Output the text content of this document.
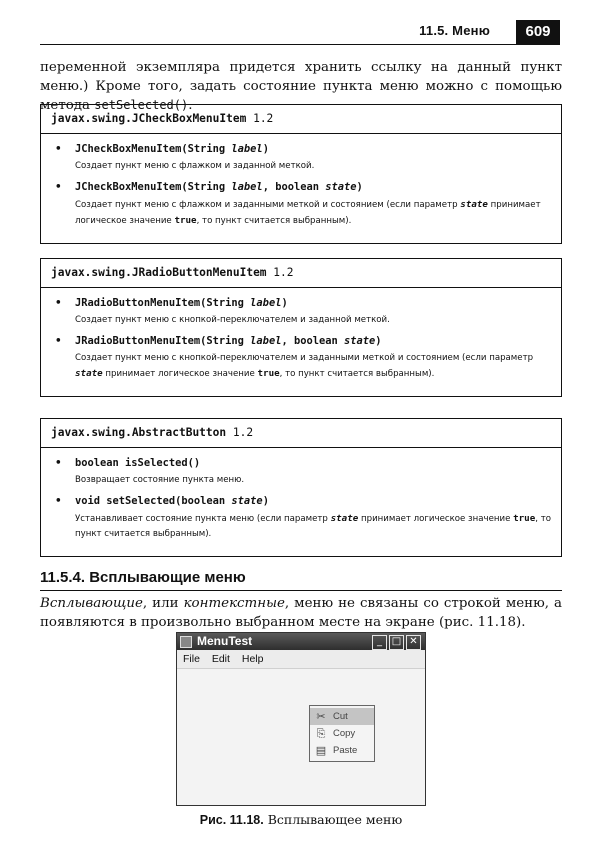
11.5. Меню	609

переменной экземпляра придется хранить ссылку на данный пункт меню.) Кроме того, задать состояние пункта меню можно с помощью метода setSelected().

javax.swing.JCheckBoxMenuItem 1.2
•	JCheckBoxMenuItem(String label)
Создает пункт меню с флажком и заданной меткой.
•	JCheckBoxMenuItem(String label, boolean state)
Создает пункт меню с флажком и заданными меткой и состоянием (если параметр state принимает логическое значение true, то пункт считается выбранным).
javax.swing.JRadioButtonMenuItem 1.2
•	JRadioButtonMenuItem(String label)
Создает пункт меню с кнопкой-переключателем и заданной меткой.
•	JRadioButtonMenuItem(String label, boolean state)
Создает пункт меню с кнопкой-переключателем и заданными меткой и состоянием (если параметр state принимает логическое значение true, то пункт считается выбранным).
javax.swing.AbstractButton 1.2
•	boolean isSelected()
Возвращает состояние пункта меню.
•	void setSelected(boolean state)
Устанавливает состояние пункта меню (если параметр state принимает логическое значение true, то пункт считается выбранным).
11.5.4. Всплывающие меню

Всплывающие, или контекстные, меню не связаны со строкой меню, а появляются в произвольно выбранном месте на экране (рис. 11.18).

MenuTest	_ □ ✕
File Edit Help
✂ Cut
⎘ Copy
▤ Paste
Рис. 11.18. Всплывающее меню
